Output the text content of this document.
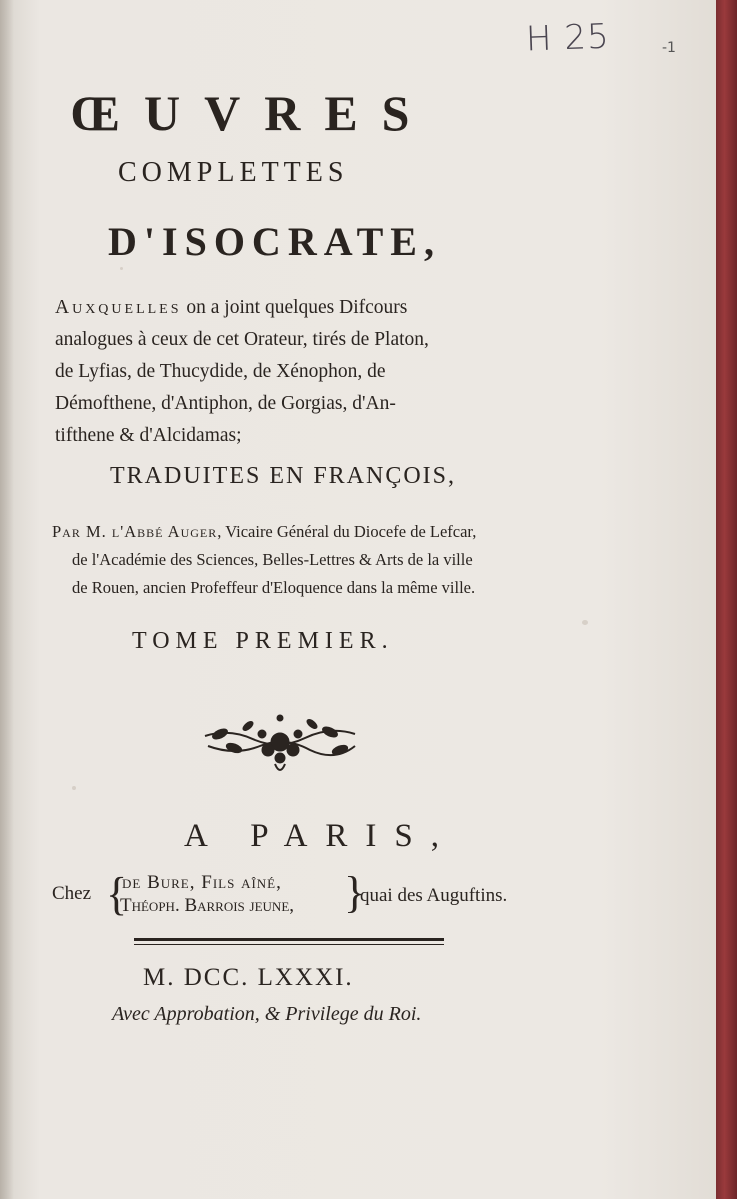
H 25	-1
ŒUVRES
COMPLETTES
D'ISOCRATE,
Auxquelles on a joint quelques Difcours
analogues à ceux de cet Orateur, tirés de Platon,
de Lyfias, de Thucydide, de Xénophon, de
Démofthene, d'Antiphon, de Gorgias, d'An-
tifthene & d'Alcidamas;
TRADUITES EN FRANÇOIS,
Par M. l'Abbé Auger, Vicaire Général du Diocefe de Lefcar,
de l'Académie des Sciences, Belles-Lettres & Arts de la ville
de Rouen, ancien Profeffeur d'Eloquence dans la même ville.
TOME PREMIER.
A PARIS,
Chez {
de Bure, Fils aîné,
Théoph. Barrois jeune, }
quai des Auguftins.
M. DCC. LXXXI.
Avec Approbation, & Privilege du Roi.
